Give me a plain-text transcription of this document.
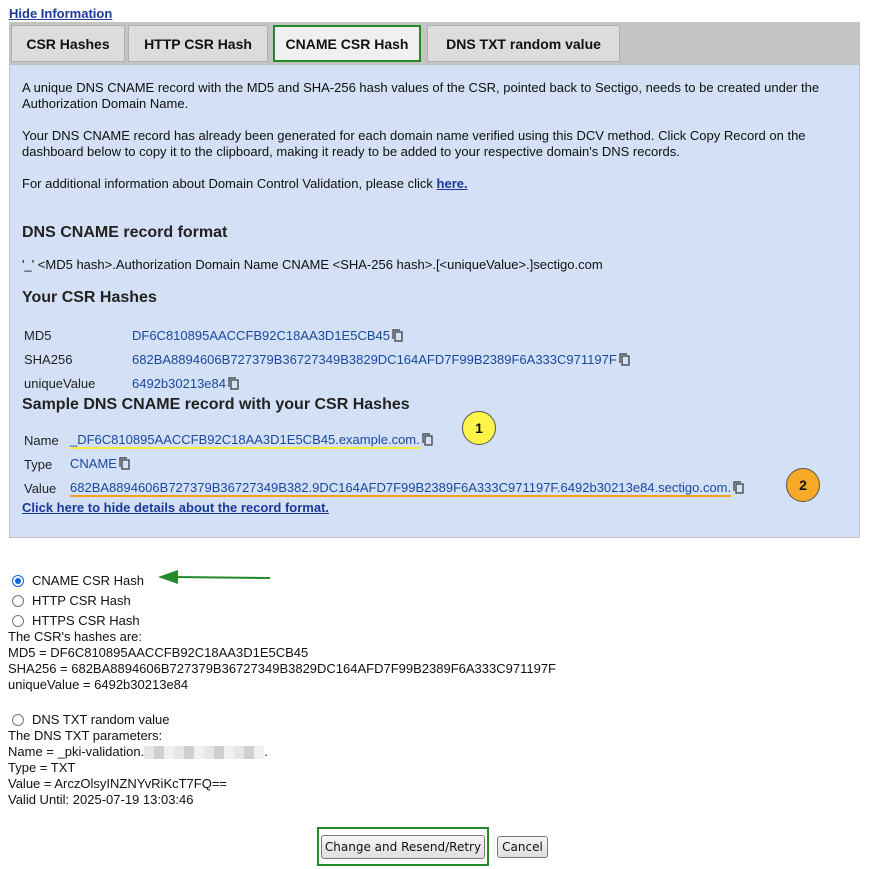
Hide Information
CSR Hashes	HTTP CSR Hash	CNAME CSR Hash	DNS TXT random value
A unique DNS CNAME record with the MD5 and SHA-256 hash values of the CSR, pointed back to Sectigo, needs to be created under the Authorization Domain Name.
Your DNS CNAME record has already been generated for each domain name verified using this DCV method. Click Copy Record on the dashboard below to copy it to the clipboard, making it ready to be added to your respective domain's DNS records.
For additional information about Domain Control Validation, please click here.
DNS CNAME record format
'_' <MD5 hash>.Authorization Domain Name CNAME <SHA-256 hash>.[<uniqueValue>.]sectigo.com
Your CSR Hashes
MD5	DF6C810895AACCFB92C18AA3D1E5CB45
SHA256	682BA8894606B727379B36727349B3829DC164AFD7F99B2389F6A333C971197F
uniqueValue	6492b30213e84
Sample DNS CNAME record with your CSR Hashes
Name _DF6C810895AACCFB92C18AA3D1E5CB45.example.com.
1
Type CNAME
Value 682BA8894606B727379B36727349B382.9DC164AFD7F99B2389F6A333C971197F.6492b30213e84.sectigo.com.	2
Click here to hide details about the record format.
CNAME CSR Hash
HTTP CSR Hash
HTTPS CSR Hash
The CSR's hashes are:
MD5 = DF6C810895AACCFB92C18AA3D1E5CB45
SHA256 = 682BA8894606B727379B36727349B3829DC164AFD7F99B2389F6A333C971197F
uniqueValue = 6492b30213e84
DNS TXT random value
The DNS TXT parameters:
Name = _pki-validation.	.
Type = TXT
Value = ArczOlsyINZNYvRiKcT7FQ==
Valid Until: 2025-07-19 13:03:46
Change and Resend/Retry	Cancel
